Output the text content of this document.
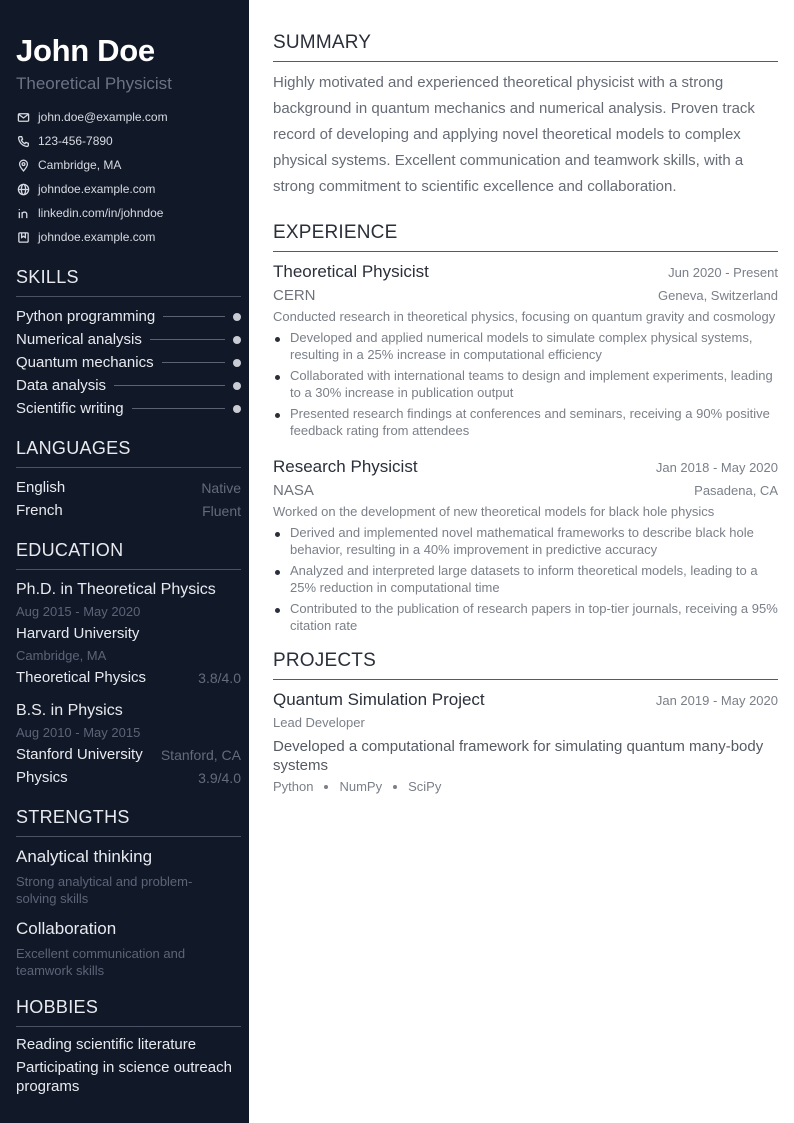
John Doe
Theoretical Physicist
john.doe@example.com
123-456-7890
Cambridge, MA
johndoe.example.com
linkedin.com/in/johndoe
johndoe.example.com
SKILLS
Python programming
Numerical analysis
Quantum mechanics
Data analysis
Scientific writing
LANGUAGES
English	Native
French	Fluent
EDUCATION
Ph.D. in Theoretical Physics
Aug 2015 - May 2020
Harvard University
Cambridge, MA
Theoretical Physics	3.8/4.0
B.S. in Physics
Aug 2010 - May 2015
Stanford University Stanford, CA
Physics	3.9/4.0
STRENGTHS
Analytical thinking
Strong analytical and problem-solving skills
Collaboration
Excellent communication and teamwork skills
HOBBIES
Reading scientific literature
Participating in science outreach programs
SUMMARY

Highly motivated and experienced theoretical physicist with a strong background in quantum mechanics and numerical analysis. Proven track record of developing and applying novel theoretical models to complex physical systems. Excellent communication and teamwork skills, with a strong commitment to scientific excellence and collaboration.

EXPERIENCE
Theoretical Physicist	Jun 2020 - Present
CERN	Geneva, Switzerland
Conducted research in theoretical physics, focusing on quantum gravity and cosmology
Developed and applied numerical models to simulate complex physical systems, resulting in a 25% increase in computational efficiency
Collaborated with international teams to design and implement experiments, leading to a 30% increase in publication output
Presented research findings at conferences and seminars, receiving a 90% positive feedback rating from attendees
Research Physicist	Jan 2018 - May 2020
NASA	Pasadena, CA
Worked on the development of new theoretical models for black hole physics
Derived and implemented novel mathematical frameworks to describe black hole behavior, resulting in a 40% improvement in predictive accuracy
Analyzed and interpreted large datasets to inform theoretical models, leading to a 25% reduction in computational time
Contributed to the publication of research papers in top-tier journals, receiving a 95% citation rate
PROJECTS
Quantum Simulation Project	Jan 2019 - May 2020
Lead Developer
Developed a computational framework for simulating quantum many-body systems
Python NumPy SciPy
